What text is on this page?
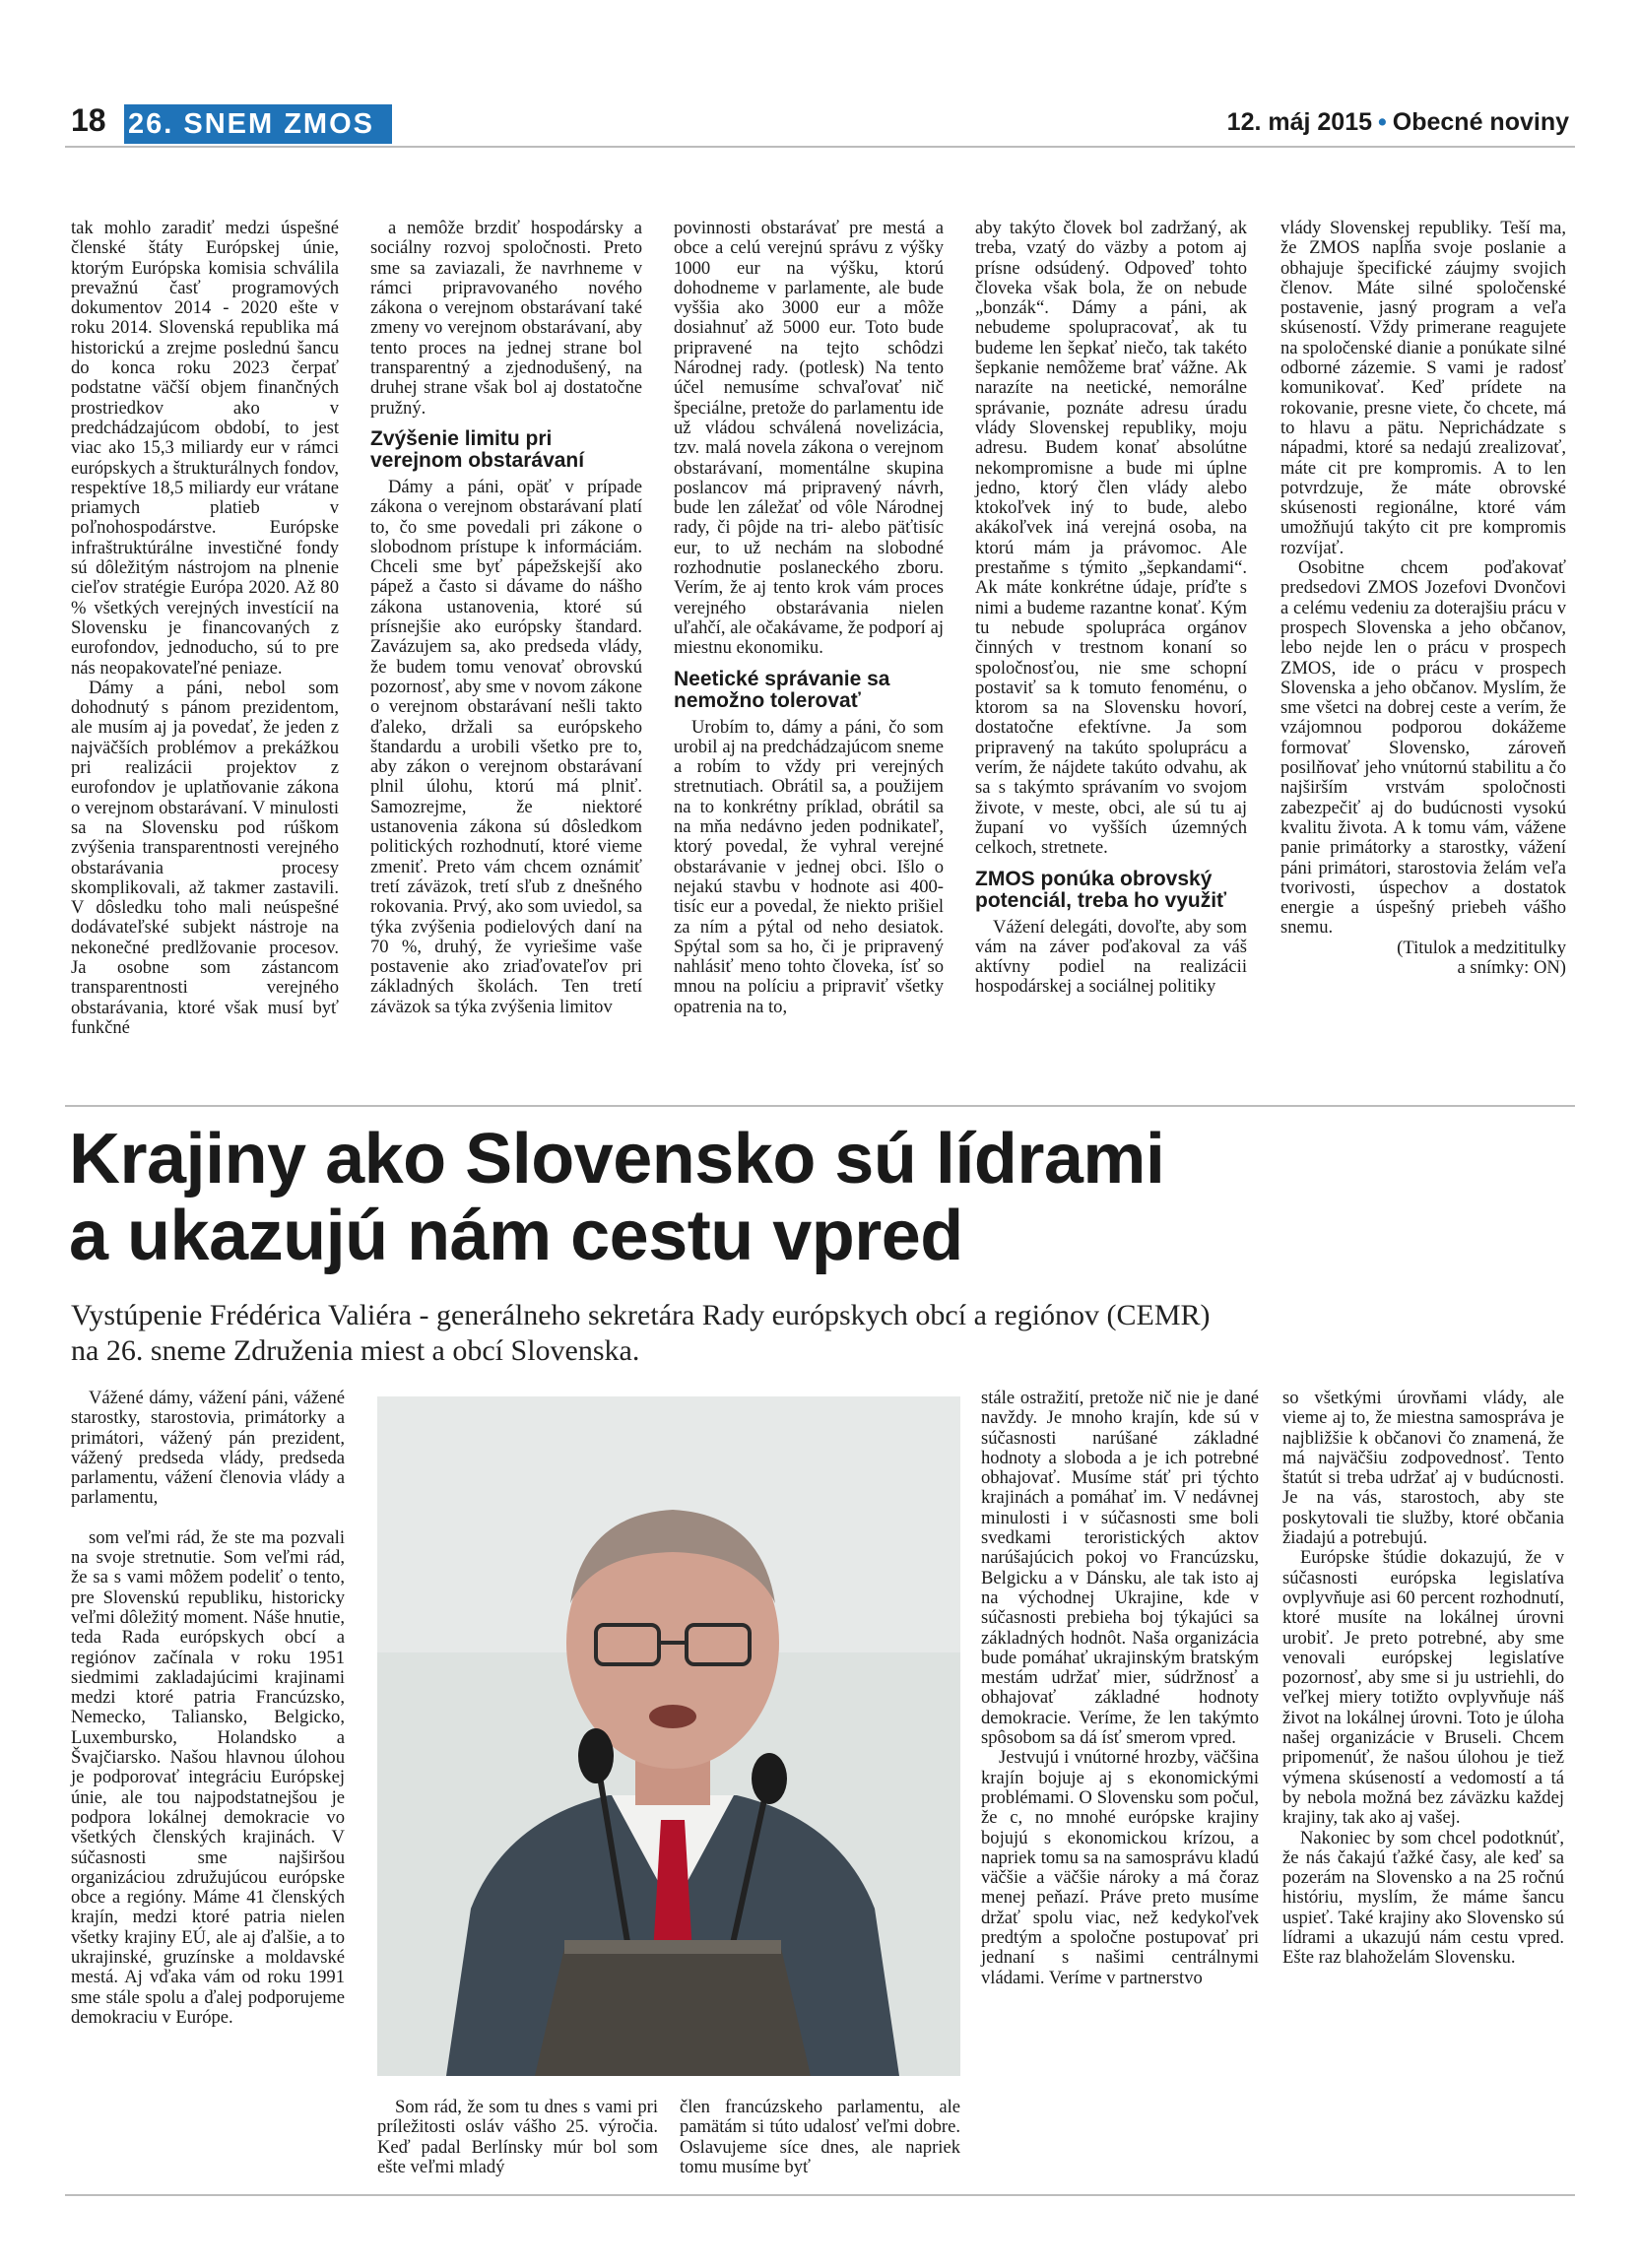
18 26. SNEM ZMOS	12. máj 2015 • Obecné noviny

tak mohlo zaradiť medzi úspešné členské štáty Európskej únie, ktorým Európska komisia schválila prevažnú časť programových dokumentov 2014 - 2020 ešte v roku 2014. Slovenská republika má historickú a zrejme poslednú šancu do konca roku 2023 čerpať podstatne väčší objem finančných prostriedkov ako v predchádzajúcom období, to jest viac ako 15,3 miliardy eur v rámci európskych a štrukturálnych fondov, respektíve 18,5 miliardy eur vrátane priamych platieb v poľnohospodárstve. Európske infraštruktúrálne investičné fondy sú dôležitým nástrojom na plnenie cieľov stratégie Európa 2020. Až 80 % všetkých verejných investícií na Slovensku je financovaných z eurofondov, jednoducho, sú to pre nás neopakovateľné peniaze.

Dámy a páni, nebol som dohodnutý s pánom prezidentom, ale musím aj ja povedať, že jeden z najväčších problémov a prekážkou pri realizácii projektov z eurofondov je uplatňovanie zákona o verejnom obstarávaní. V minulosti sa na Slovensku pod rúškom zvýšenia transparentnosti verejného obstarávania procesy skomplikovali, až takmer zastavili. V dôsledku toho mali neúspešné dodávateľské subjekt nástroje na nekonečné predlžovanie procesov. Ja osobne som zástancom transparentnosti verejného obstarávania, ktoré však musí byť funkčné

a nemôže brzdiť hospodársky a sociálny rozvoj spoločnosti. Preto sme sa zaviazali, že navrhneme v rámci pripravovaného nového zákona o verejnom obstarávaní také zmeny vo verejnom obstarávaní, aby tento proces na jednej strane bol transparentný a zjednodušený, na druhej strane však bol aj dostatočne pružný.

Zvýšenie limitu pri verejnom obstarávaní

Dámy a páni, opäť v prípade zákona o verejnom obstarávaní platí to, čo sme povedali pri zákone o slobodnom prístupe k informáciám. Chceli sme byť pápežskejší ako pápež a často si dávame do nášho zákona ustanovenia, ktoré sú prísnejšie ako európsky štandard. Zavázujem sa, ako predseda vlády, že budem tomu venovať obrovskú pozornosť, aby sme v novom zákone o verejnom obstarávaní nešli takto ďaleko, držali sa európskeho štandardu a urobili všetko pre to, aby zákon o verejnom obstarávaní plnil úlohu, ktorú má plniť. Samozrejme, že niektoré ustanovenia zákona sú dôsledkom politických rozhodnutí, ktoré vieme zmeniť. Preto vám chcem oznámiť tretí záväzok, tretí sľub z dnešného rokovania. Prvý, ako som uviedol, sa týka zvýšenia podielových daní na 70 %, druhý, že vyriešime vaše postavenie ako zriaďovateľov pri základných školách. Ten tretí záväzok sa týka zvýšenia limitov

povinnosti obstarávať pre mestá a obce a celú verejnú správu z výšky 1000 eur na výšku, ktorú dohodneme v parlamente, ale bude vyššia ako 3000 eur a môže dosiahnuť až 5000 eur. Toto bude pripravené na tejto schôdzi Národnej rady. (potlesk) Na tento účel nemusíme schvaľovať nič špeciálne, pretože do parlamentu ide už vládou schválená novelizácia, tzv. malá novela zákona o verejnom obstarávaní, momentálne skupina poslancov má pripravený návrh, bude len záležať od vôle Národnej rady, či pôjde na tri- alebo päťtisíc eur, to už nechám na slobodné rozhodnutie poslaneckého zboru. Verím, že aj tento krok vám proces verejného obstarávania nielen uľahčí, ale očakávame, že podporí aj miestnu ekonomiku.

Neetické správanie sa nemožno tolerovať

Urobím to, dámy a páni, čo som urobil aj na predchádzajúcom sneme a robím to vždy pri verejných stretnutiach. Obrátil sa, a použijem na to konkrétny príklad, obrátil sa na mňa nedávno jeden podnikateľ, ktorý povedal, že vyhral verejné obstarávanie v jednej obci. Išlo o nejakú stavbu v hodnote asi 400-tisíc eur a povedal, že niekto prišiel za ním a pýtal od neho desiatok. Spýtal som sa ho, či je pripravený nahlásiť meno tohto človeka, ísť so mnou na políciu a pripraviť všetky opatrenia na to,

aby takýto človek bol zadržaný, ak treba, vzatý do väzby a potom aj prísne odsúdený. Odpoveď tohto človeka však bola, že on nebude „bonzák“. Dámy a páni, ak nebudeme spolupracovať, ak tu budeme len šepkať niečo, tak takéto šepkanie nemôžeme brať vážne. Ak narazíte na neetické, nemorálne správanie, poznáte adresu úradu vlády Slovenskej republiky, moju adresu. Budem konať absolútne nekompromisne a bude mi úplne jedno, ktorý člen vlády alebo ktokoľvek iný to bude, alebo akákoľvek iná verejná osoba, na ktorú mám ja právomoc. Ale prestaňme s týmito „šepkandami“. Ak máte konkrétne údaje, príďte s nimi a budeme razantne konať. Kým tu nebude spolupráca orgánov činných v trestnom konaní so spoločnosťou, nie sme schopní postaviť sa k tomuto fenoménu, o ktorom sa na Slovensku hovorí, dostatočne efektívne. Ja som pripravený na takúto spoluprácu a verím, že nájdete takúto odvahu, ak sa s takýmto správaním vo svojom živote, v meste, obci, ale sú tu aj županí vo vyšších územných celkoch, stretnete.

ZMOS ponúka obrovský potenciál, treba ho využiť

Vážení delegáti, dovoľte, aby som vám na záver poďakoval za váš aktívny podiel na realizácii hospodárskej a sociálnej politiky

vlády Slovenskej republiky. Teší ma, že ZMOS napĺňa svoje poslanie a obhajuje špecifické záujmy svojich členov. Máte silné spoločenské postavenie, jasný program a veľa skúseností. Vždy primerane reagujete na spoločenské dianie a ponúkate silné odborné zázemie. S vami je radosť komunikovať. Keď prídete na rokovanie, presne viete, čo chcete, má to hlavu a pätu. Neprichádzate s nápadmi, ktoré sa nedajú zrealizovať, máte cit pre kompromis. A to len potvrdzuje, že máte obrovské skúsenosti regionálne, ktoré vám umožňujú takýto cit pre kompromis rozvíjať.

Osobitne chcem poďakovať predsedovi ZMOS Jozefovi Dvončovi a celému vedeniu za doterajšiu prácu v prospech Slovenska a jeho občanov, lebo nejde len o prácu v prospech ZMOS, ide o prácu v prospech Slovenska a jeho občanov. Myslím, že sme všetci na dobrej ceste a verím, že vzájomnou podporou dokážeme formovať Slovensko, zároveň posilňovať jeho vnútornú stabilitu a čo najširším vrstvám spoločnosti zabezpečiť aj do budúcnosti vysokú kvalitu života. A k tomu vám, vážene panie primátorky a starostky, vážení páni primátori, starostovia želám veľa tvorivosti, úspechov a dostatok energie a úspešný priebeh vášho snemu.

(Titulok a medzititulky

a snímky: ON)

Krajiny ako Slovensko sú lídrami
a ukazujú nám cestu vpred
Vystúpenie Frédérica Valiéra - generálneho sekretára Rady európskych obcí a regiónov (CEMR)
na 26. sneme Združenia miest a obcí Slovenska.

Vážené dámy, vážení páni, vážené starostky, starostovia, primátorky a primátori, vážený pán prezident, vážený predseda vlády, predseda parlamentu, vážení členovia vlády a parlamentu,

som veľmi rád, že ste ma pozvali na svoje stretnutie. Som veľmi rád, že sa s vami môžem podeliť o tento, pre Slovenskú republiku, historicky veľmi dôležitý moment. Náše hnutie, teda Rada európskych obcí a regiónov začínala v roku 1951 siedmimi zakladajúcimi krajinami medzi ktoré patria Francúzsko, Nemecko, Taliansko, Belgicko, Luxembursko, Holandsko a Švajčiarsko. Našou hlavnou úlohou je podporovať integráciu Európskej únie, ale tou najpodstatnejšou je podpora lokálnej demokracie vo všetkých členských krajinách. V súčasnosti sme najširšou organizáciou združujúcou európske obce a regióny. Máme 41 členských krajín, medzi ktoré patria nielen všetky krajiny EÚ, ale aj ďalšie, a to ukrajinské, gruzínske a moldavské mestá. Aj vďaka vám od roku 1991 sme stále spolu a ďalej podporujeme demokraciu v Európe.

Som rád, že som tu dnes s vami pri príležitosti osláv vášho 25. výročia. Keď padal Berlínsky múr bol som ešte veľmi mladý

člen francúzskeho parlamentu, ale pamätám si túto udalosť veľmi dobre. Oslavujeme síce dnes, ale napriek tomu musíme byť

stále ostražití, pretože nič nie je dané navždy. Je mnoho krajín, kde sú v súčasnosti narúšané základné hodnoty a sloboda a je ich potrebné obhajovať. Musíme stáť pri týchto krajinách a pomáhať im. V nedávnej minulosti i v súčasnosti sme boli svedkami teroristických aktov narúšajúcich pokoj vo Francúzsku, Belgicku a v Dánsku, ale tak isto aj na východnej Ukrajine, kde v súčasnosti prebieha boj týkajúci sa základných hodnôt. Naša organizácia bude pomáhať ukrajinským bratským mestám udržať mier, súdržnosť a obhajovať základné hodnoty demokracie. Veríme, že len takýmto spôsobom sa dá ísť smerom vpred.

Jestvujú i vnútorné hrozby, väčšina krajín bojuje aj s ekonomickými problémami. O Slovensku som počul, že c, no mnohé európske krajiny bojujú s ekonomickou krízou, a napriek tomu sa na samosprávu kladú väčšie a väčšie nároky a má čoraz menej peňazí. Práve preto musíme držať spolu viac, než kedykoľvek predtým a spoločne postupovať pri jednaní s našimi centrálnymi vládami. Veríme v partnerstvo

so všetkými úrovňami vlády, ale vieme aj to, že miestna samospráva je najbližšie k občanovi čo znamená, že má najväčšiu zodpovednosť. Tento štatút si treba udržať aj v budúcnosti. Je na vás, starostoch, aby ste poskytovali tie služby, ktoré občania žiadajú a potrebujú.

Európske štúdie dokazujú, že v súčasnosti európska legislatíva ovplyvňuje asi 60 percent rozhodnutí, ktoré musíte na lokálnej úrovni urobiť. Je preto potrebné, aby sme venovali európskej legislatíve pozornosť, aby sme si ju ustriehli, do veľkej miery totižto ovplyvňuje náš život na lokálnej úrovni. Toto je úloha našej organizácie v Bruseli. Chcem pripomenúť, že našou úlohou je tiež výmena skúseností a vedomostí a tá by nebola možná bez záväzku každej krajiny, tak ako aj vašej.

Nakoniec by som chcel podotknúť, že nás čakajú ťažké časy, ale keď sa pozerám na Slovensko a na 25 ročnú históriu, myslím, že máme šancu uspieť. Také krajiny ako Slovensko sú lídrami a ukazujú nám cestu vpred. Ešte raz blahoželám Slovensku.
